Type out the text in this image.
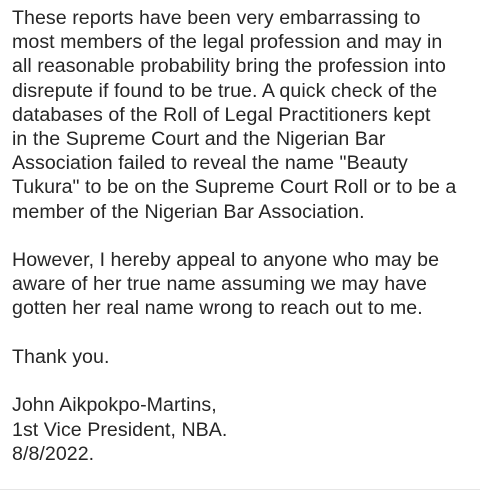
These reports have been very embarrassing to
most members of the legal profession and may in
all reasonable probability bring the profession into
disrepute if found to be true. A quick check of the
databases of the Roll of Legal Practitioners kept
in the Supreme Court and the Nigerian Bar
Association failed to reveal the name "Beauty
Tukura" to be on the Supreme Court Roll or to be a
member of the Nigerian Bar Association.
However, I hereby appeal to anyone who may be
aware of her true name assuming we may have
gotten her real name wrong to reach out to me.
Thank you.
John Aikpokpo-Martins,
1st Vice President, NBA.
8/8/2022.
